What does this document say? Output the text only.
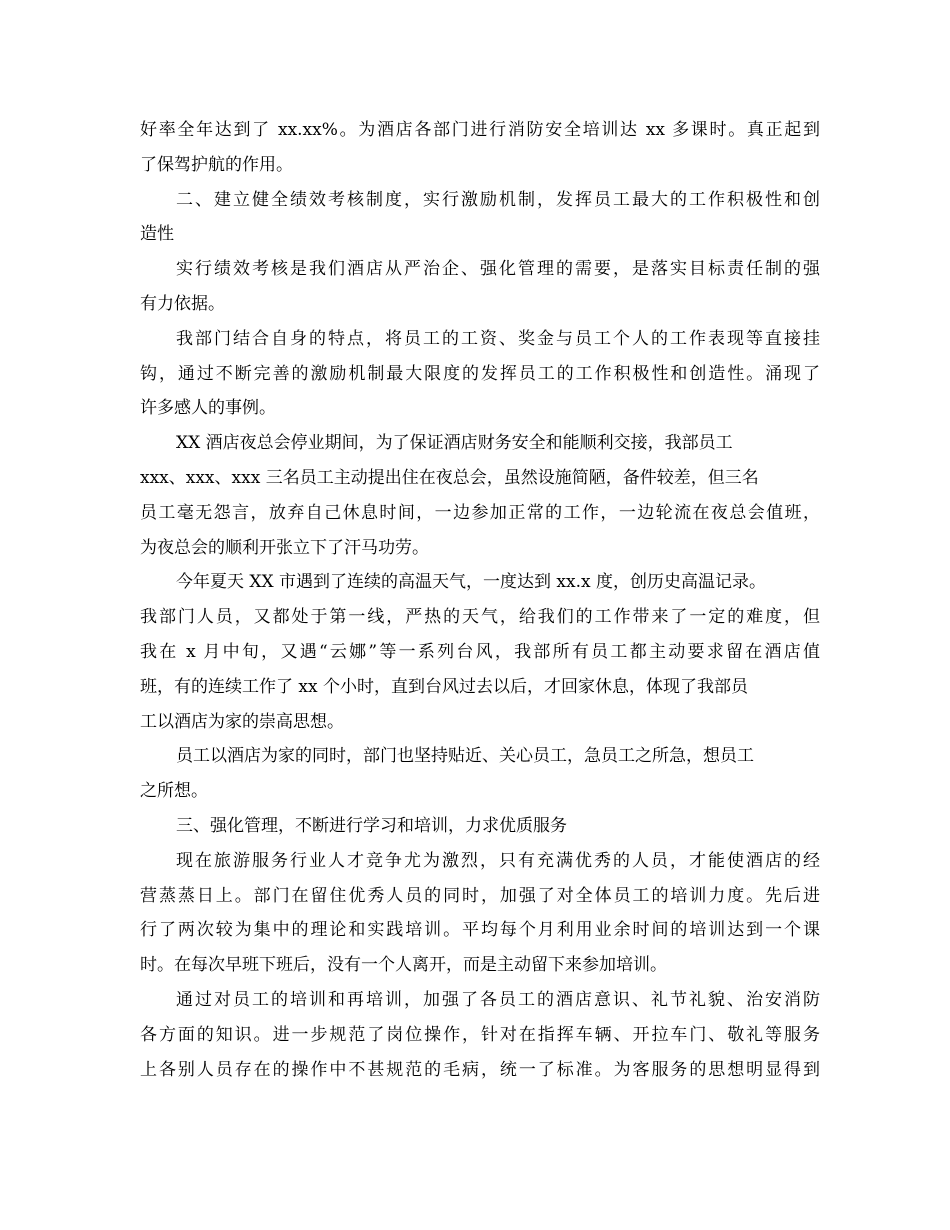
好率全年达到了 xx.xx%。为酒店各部门进行消防安全培训达 xx 多课时。真正起到
了保驾护航的作用。
二、建立健全绩效考核制度，实行激励机制，发挥员工最大的工作积极性和创
造性
实行绩效考核是我们酒店从严治企、强化管理的需要，是落实目标责任制的强
有力依据。
我部门结合自身的特点，将员工的工资、奖金与员工个人的工作表现等直接挂
钩，通过不断完善的激励机制最大限度的发挥员工的工作积极性和创造性。涌现了
许多感人的事例。
XX 酒店夜总会停业期间，为了保证酒店财务安全和能顺利交接，我部员工
xxx、xxx、xxx 三名员工主动提出住在夜总会，虽然设施简陋，备件较差，但三名
员工毫无怨言，放弃自己休息时间，一边参加正常的工作，一边轮流在夜总会值班，
为夜总会的顺利开张立下了汗马功劳。
今年夏天 XX 市遇到了连续的高温天气，一度达到 xx.x 度，创历史高温记录。
我部门人员，又都处于第一线，严热的天气，给我们的工作带来了一定的难度，但
我在 x 月中旬，又遇“云娜”等一系列台风，我部所有员工都主动要求留在酒店值
班，有的连续工作了 xx 个小时，直到台风过去以后，才回家休息，体现了我部员
工以酒店为家的崇高思想。
员工以酒店为家的同时，部门也坚持贴近、关心员工，急员工之所急，想员工
之所想。
三、强化管理，不断进行学习和培训，力求优质服务
现在旅游服务行业人才竞争尤为激烈，只有充满优秀的人员，才能使酒店的经
营蒸蒸日上。部门在留住优秀人员的同时，加强了对全体员工的培训力度。先后进
行了两次较为集中的理论和实践培训。平均每个月利用业余时间的培训达到一个课
时。在每次早班下班后，没有一个人离开，而是主动留下来参加培训。
通过对员工的培训和再培训，加强了各员工的酒店意识、礼节礼貌、治安消防
各方面的知识。进一步规范了岗位操作，针对在指挥车辆、开拉车门、敬礼等服务
上各别人员存在的操作中不甚规范的毛病，统一了标准。为客服务的思想明显得到
